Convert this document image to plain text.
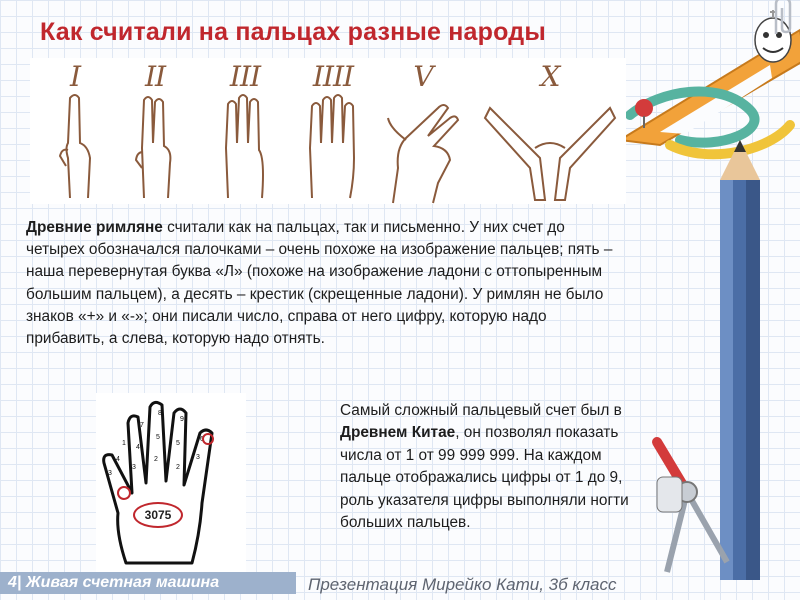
Как считали на пальцах разные народы
I	II	III	IIII	V	X
Древние римляне считали как на пальцах, так и письменно. У них счет до четырех обозначался палочками – очень похоже на изображение пальцев; пять – наша перевернутая буква «Л» (похоже на изображение ладони с оттопыренным большим пальцем), а десять – крестик (скрещенные ладони). У римлян не было знаков «+» и «-»; они писали число, справа от него цифру, которую надо прибавить, а слева, которую надо отнять.
1
7
8
9
6
4
4
5
5
3
3
3
2
2
3075
Самый сложный пальцевый счет был в Древнем Китае, он позволял показать числа от 1 от 99 999 999. На каждом пальце отображались цифры от 1 до 9, роль указателя цифры выполняли ногти больших пальцев.
4| Живая счетная машина	Презентация Мирейко Кати, 3б класс
